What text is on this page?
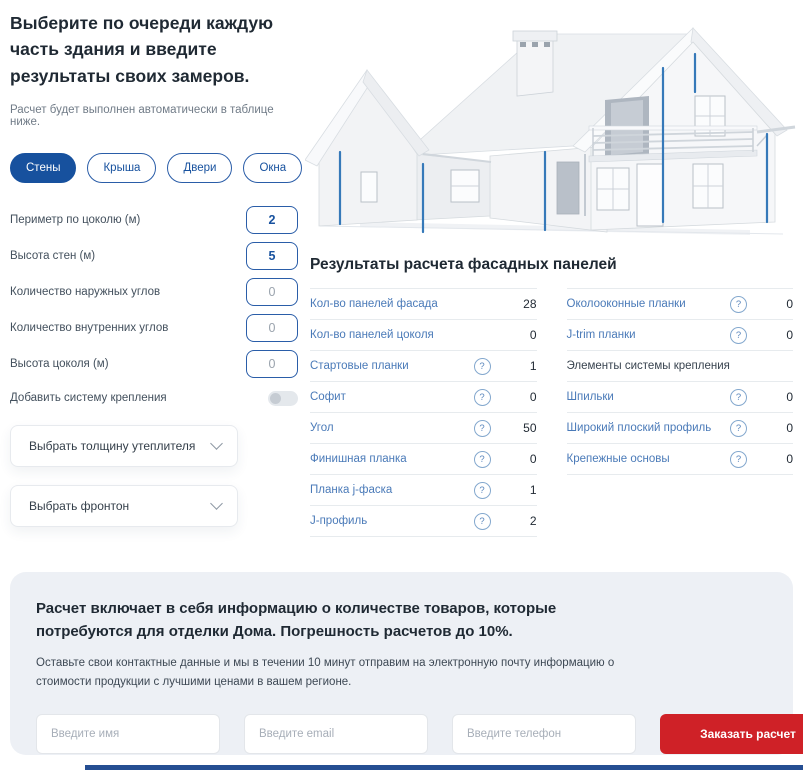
Выберите по очереди каждую часть здания и введите результаты своих замеров.

Расчет будет выполнен автоматически в таблице ниже.

Стены	Крыша	Двери	Окна
Периметр по цоколю (м)	2
Высота стен (м)	5
Количество наружных углов	0
Количество внутренних углов	0
Высота цоколя (м)	0
Добавить систему крепления
Выбрать толщину утеплителя
Выбрать фронтон
Результаты расчета фасадных панелей
Кол-во панелей фасада	28
Кол-во панелей цоколя	0
Стартовые планки	?	1
Софит	?	0
Угол	?	50
Финишная планка	?	0
Планка j-фаска	?	1
J-профиль	?	2
Околооконные планки	?	0
J-trim планки	?	0
Элементы системы крепления
Шпильки	?	0
Широкий плоский профиль	?	0
Крепежные основы	?	0
Расчет включает в себя информацию о количестве товаров, которые потребуются для отделки Дома. Погрешность расчетов до 10%.

Оставьте свои контактные данные и мы в течении 10 минут отправим на электронную почту информацию о стоимости продукции с лучшими ценами в вашем регионе.

Введите имя
Введите email
Введите телефон
Заказать расчет
